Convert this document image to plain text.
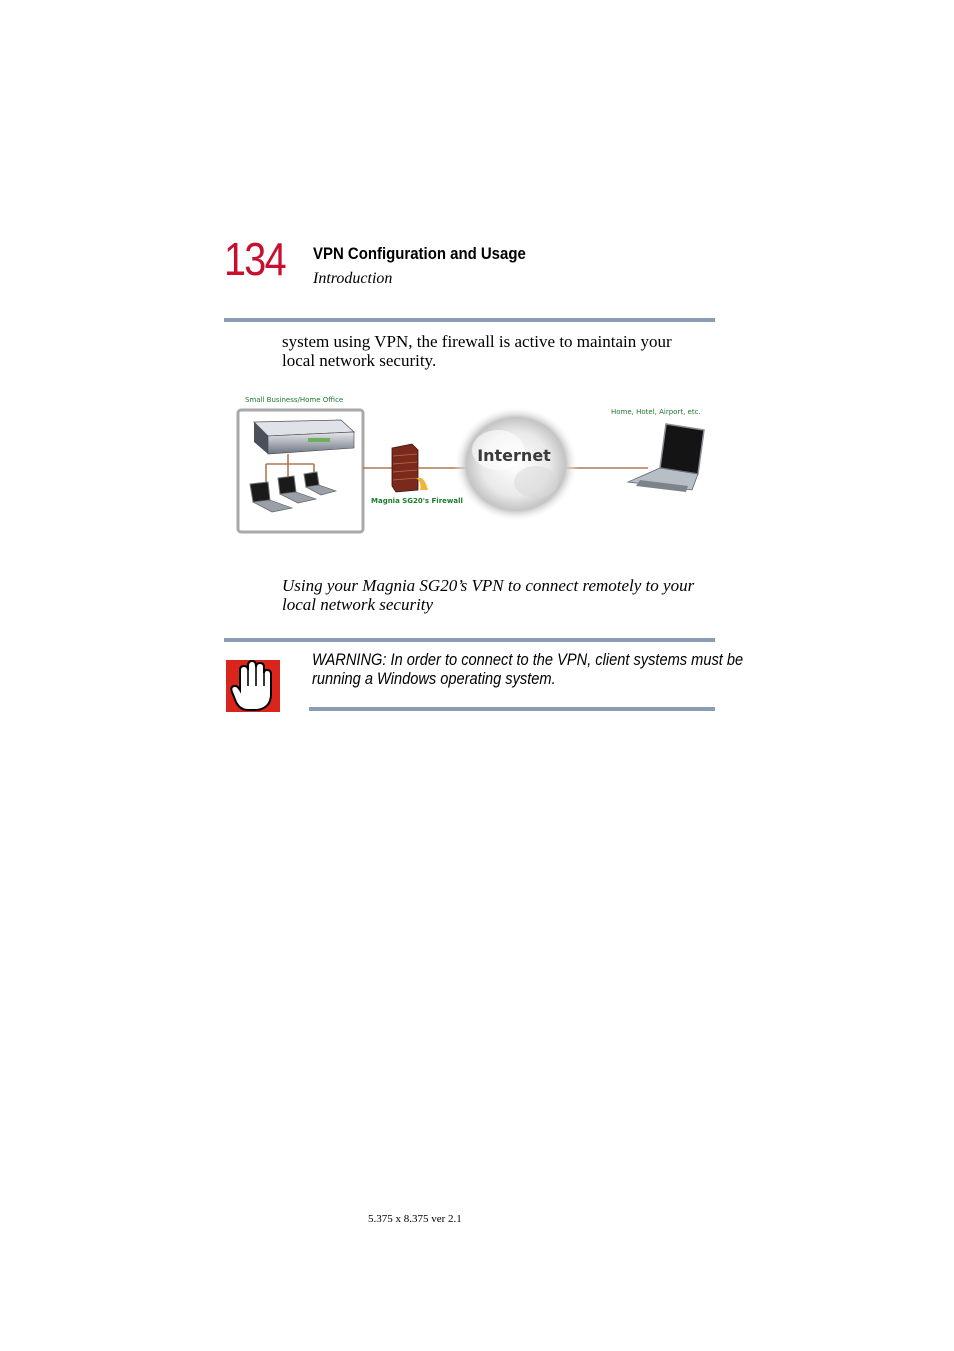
134 VPN Configuration and Usage
Introduction
system using VPN, the firewall is active to maintain your
local network security.
Small Business/Home Office
Magnia SG20's Firewall
Internet
Home, Hotel, Airport, etc.
Using your Magnia SG20’s VPN to connect remotely to your
local network security
WARNING: In order to connect to the VPN, client systems must be
running a Windows operating system.
5.375 x 8.375 ver 2.1
